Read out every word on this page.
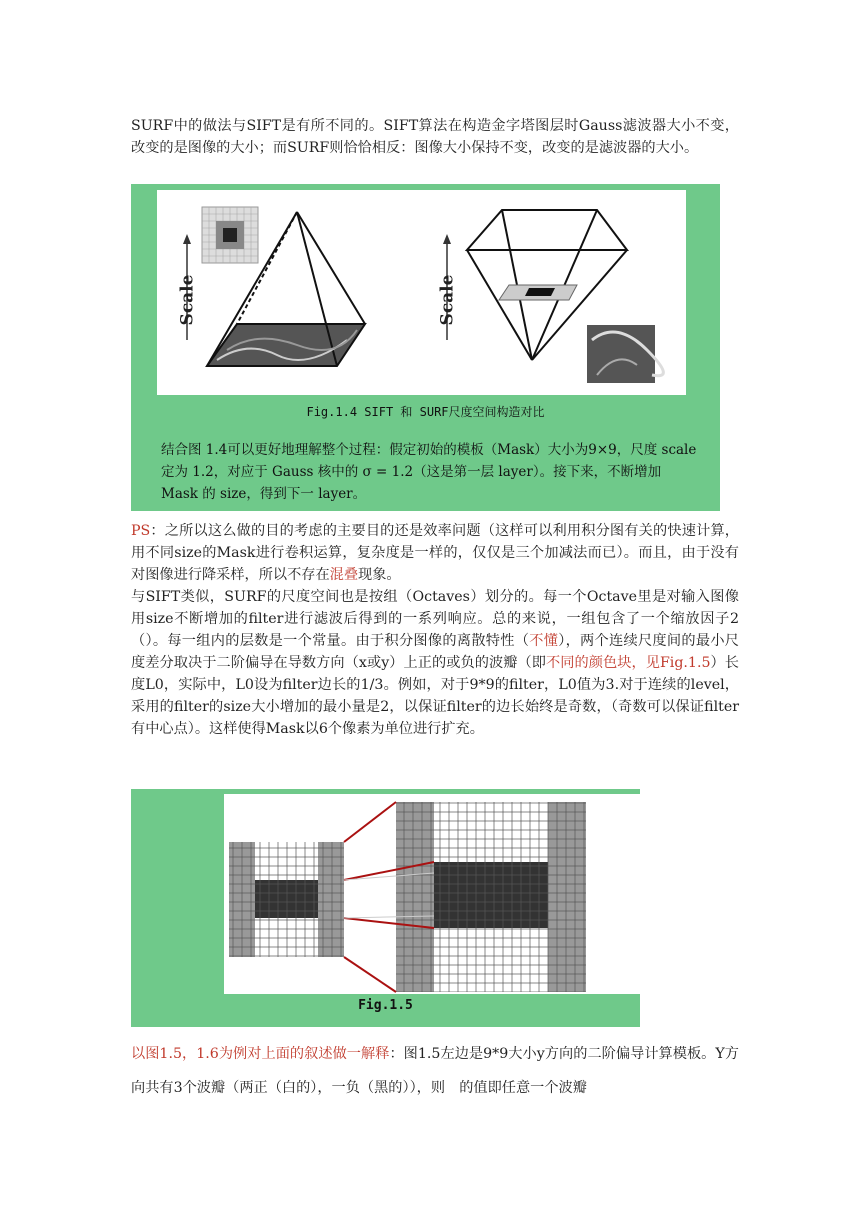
SURF中的做法与SIFT是有所不同的。SIFT算法在构造金字塔图层时Gauss滤波器大小不变，改变的是图像的大小；而SURF则恰恰相反：图像大小保持不变，改变的是滤波器的大小。
Scale	Scale
Fig.1.4 SIFT 和 SURF尺度空间构造对比
结合图 1.4可以更好地理解整个过程：假定初始的模板（Mask）大小为9×9，尺度 scale 定为 1.2，对应于 Gauss 核中的 σ = 1.2（这是第一层 layer）。接下来，不断增加 Mask 的 size，得到下一 layer。
PS：之所以这么做的目的考虑的主要目的还是效率问题（这样可以利用积分图有关的快速计算，用不同size的Mask进行卷积运算，复杂度是一样的，仅仅是三个加减法而已）。而且，由于没有对图像进行降采样，所以不存在混叠现象。
与SIFT类似，SURF的尺度空间也是按组（Octaves）划分的。每一个Octave里是对输入图像用size不断增加的filter进行滤波后得到的一系列响应。总的来说，一组包含了一个缩放因子2（）。每一组内的层数是一个常量。由于积分图像的离散特性（不懂），两个连续尺度间的最小尺度差分取决于二阶偏导在导数方向（x或y）上正的或负的波瓣（即不同的颜色块，见Fig.1.5）长度L0，实际中，L0设为filter边长的1/3。例如，对于9*9的filter，L0值为3.对于连续的level，采用的filter的size大小增加的最小量是2，以保证filter的边长始终是奇数，（奇数可以保证filter有中心点）。这样使得Mask以6个像素为单位进行扩充。
Fig.1.5
以图1.5，1.6为例对上面的叙述做一解释：图1.5左边是9*9大小y方向的二阶偏导计算模板。Y方向共有3个波瓣（两正（白的），一负（黑的）），则　的值即任意一个波瓣
